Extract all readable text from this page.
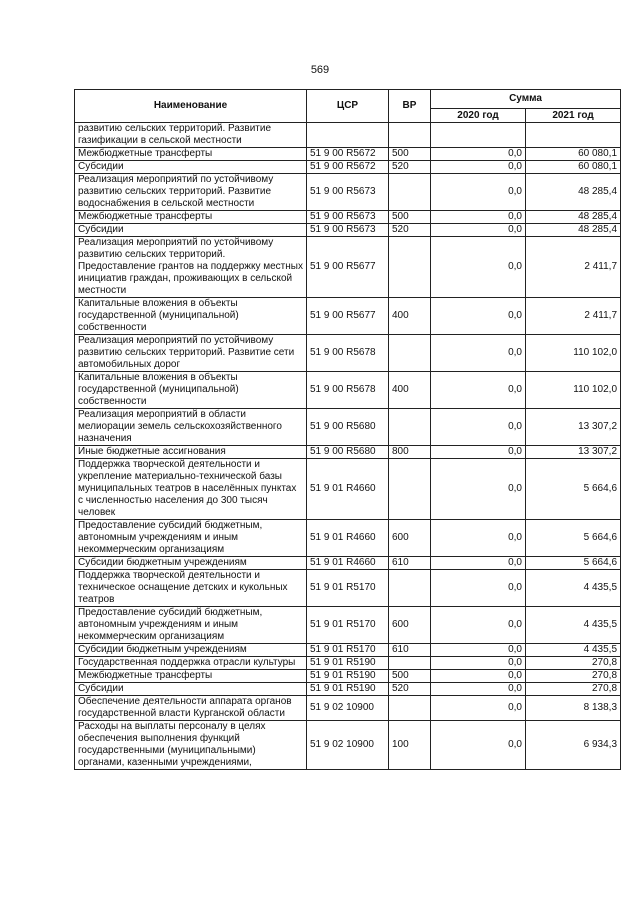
569
Наименование	ЦСР	ВР	Сумма	
			2020 год	2021 год
развитию сельских территорий. Развитие газификации в сельской местности				
Межбюджетные трансферты	51 9 00 R5672	500	0,0	60 080,1
Субсидии	51 9 00 R5672	520	0,0	60 080,1
Реализация мероприятий по устойчивому развитию сельских территорий. Развитие водоснабжения в сельской местности	51 9 00 R5673		0,0	48 285,4
Межбюджетные трансферты	51 9 00 R5673	500	0,0	48 285,4
Субсидии	51 9 00 R5673	520	0,0	48 285,4
Реализация мероприятий по устойчивому развитию сельских территорий. Предоставление грантов на поддержку местных инициатив граждан, проживающих в сельской местности	51 9 00 R5677		0,0	2 411,7
Капитальные вложения в объекты государственной (муниципальной) собственности	51 9 00 R5677	400	0,0	2 411,7
Реализация мероприятий по устойчивому развитию сельских территорий. Развитие сети автомобильных дорог	51 9 00 R5678		0,0	110 102,0
Капитальные вложения в объекты государственной (муниципальной) собственности	51 9 00 R5678	400	0,0	110 102,0
Реализация мероприятий в области мелиорации земель сельскохозяйственного назначения	51 9 00 R5680		0,0	13 307,2
Иные бюджетные ассигнования	51 9 00 R5680	800	0,0	13 307,2
Поддержка творческой деятельности и укрепление материально-технической базы муниципальных театров в населённых пунктах с численностью населения до 300 тысяч человек	51 9 01 R4660		0,0	5 664,6
Предоставление субсидий бюджетным, автономным учреждениям и иным некоммерческим организациям	51 9 01 R4660	600	0,0	5 664,6
Субсидии бюджетным учреждениям	51 9 01 R4660	610	0,0	5 664,6
Поддержка творческой деятельности и техническое оснащение детских и кукольных театров	51 9 01 R5170		0,0	4 435,5
Предоставление субсидий бюджетным, автономным учреждениям и иным некоммерческим организациям	51 9 01 R5170	600	0,0	4 435,5
Субсидии бюджетным учреждениям	51 9 01 R5170	610	0,0	4 435,5
Государственная поддержка отрасли культуры	51 9 01 R5190		0,0	270,8
Межбюджетные трансферты	51 9 01 R5190	500	0,0	270,8
Субсидии	51 9 01 R5190	520	0,0	270,8
Обеспечение деятельности аппарата органов государственной власти Курганской области	51 9 02 10900		0,0	8 138,3
Расходы на выплаты персоналу в целях обеспечения выполнения функций государственными (муниципальными) органами, казенными учреждениями,	51 9 02 10900	100	0,0	6 934,3
